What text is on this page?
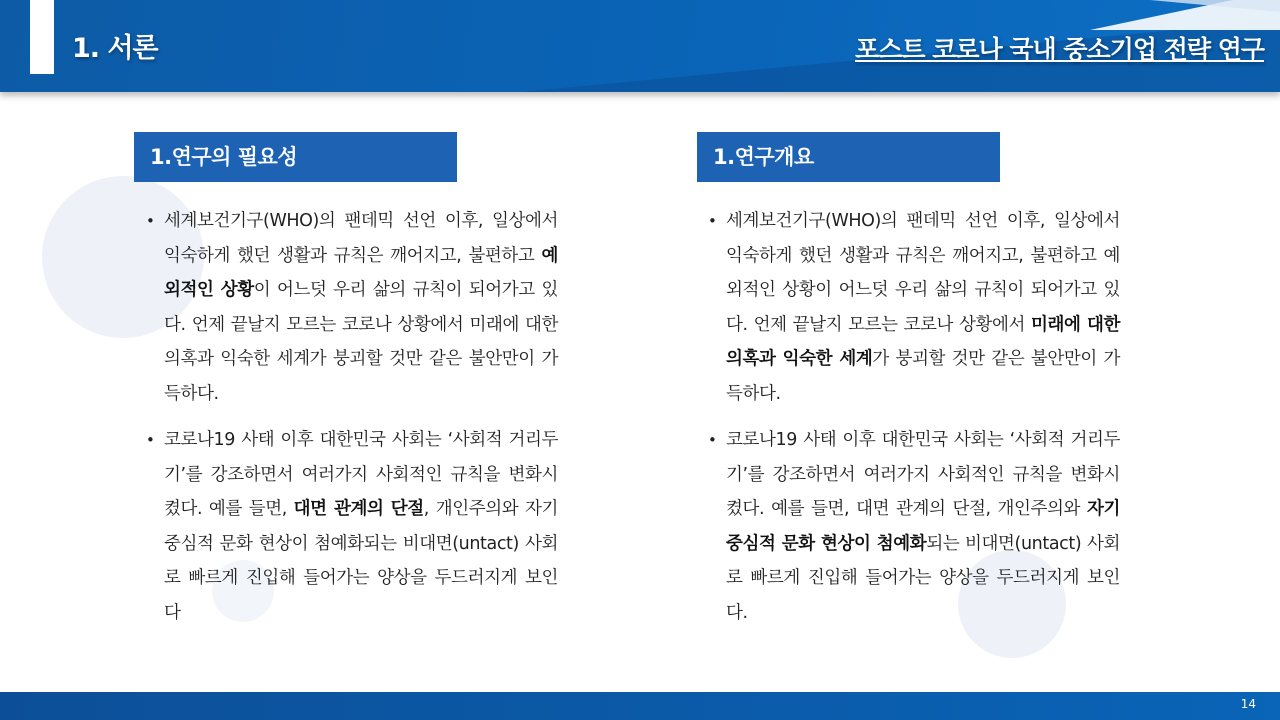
1. 서론	포스트 코로나 국내 중소기업 전략 연구
1.연구의 필요성
• 세계보건기구(WHO)의 팬데믹 선언 이후, 일상에서 익숙하게 했던 생활과 규칙은 깨어지고, 불편하고 예외적인 상황이 어느덧 우리 삶의 규칙이 되어가고 있다. 언제 끝날지 모르는 코로나 상황에서 미래에 대한 의혹과 익숙한 세계가 붕괴할 것만 같은 불안만이 가득하다.
• 코로나19 사태 이후 대한민국 사회는 ‘사회적 거리두기’를 강조하면서 여러가지 사회적인 규칙을 변화시켰다. 예를 들면, 대면 관계의 단절, 개인주의와 자기중심적 문화 현상이 첨예화되는 비대면(untact) 사회로 빠르게 진입해 들어가는 양상을 두드러지게 보인다
1.연구개요
• 세계보건기구(WHO)의 팬데믹 선언 이후, 일상에서 익숙하게 했던 생활과 규칙은 깨어지고, 불편하고 예외적인 상황이 어느덧 우리 삶의 규칙이 되어가고 있다. 언제 끝날지 모르는 코로나 상황에서 미래에 대한 의혹과 익숙한 세계가 붕괴할 것만 같은 불안만이 가득하다.
• 코로나19 사태 이후 대한민국 사회는 ‘사회적 거리두기’를 강조하면서 여러가지 사회적인 규칙을 변화시켰다. 예를 들면, 대면 관계의 단절, 개인주의와 자기중심적 문화 현상이 첨예화되는 비대면(untact) 사회로 빠르게 진입해 들어가는 양상을 두드러지게 보인다.
14
